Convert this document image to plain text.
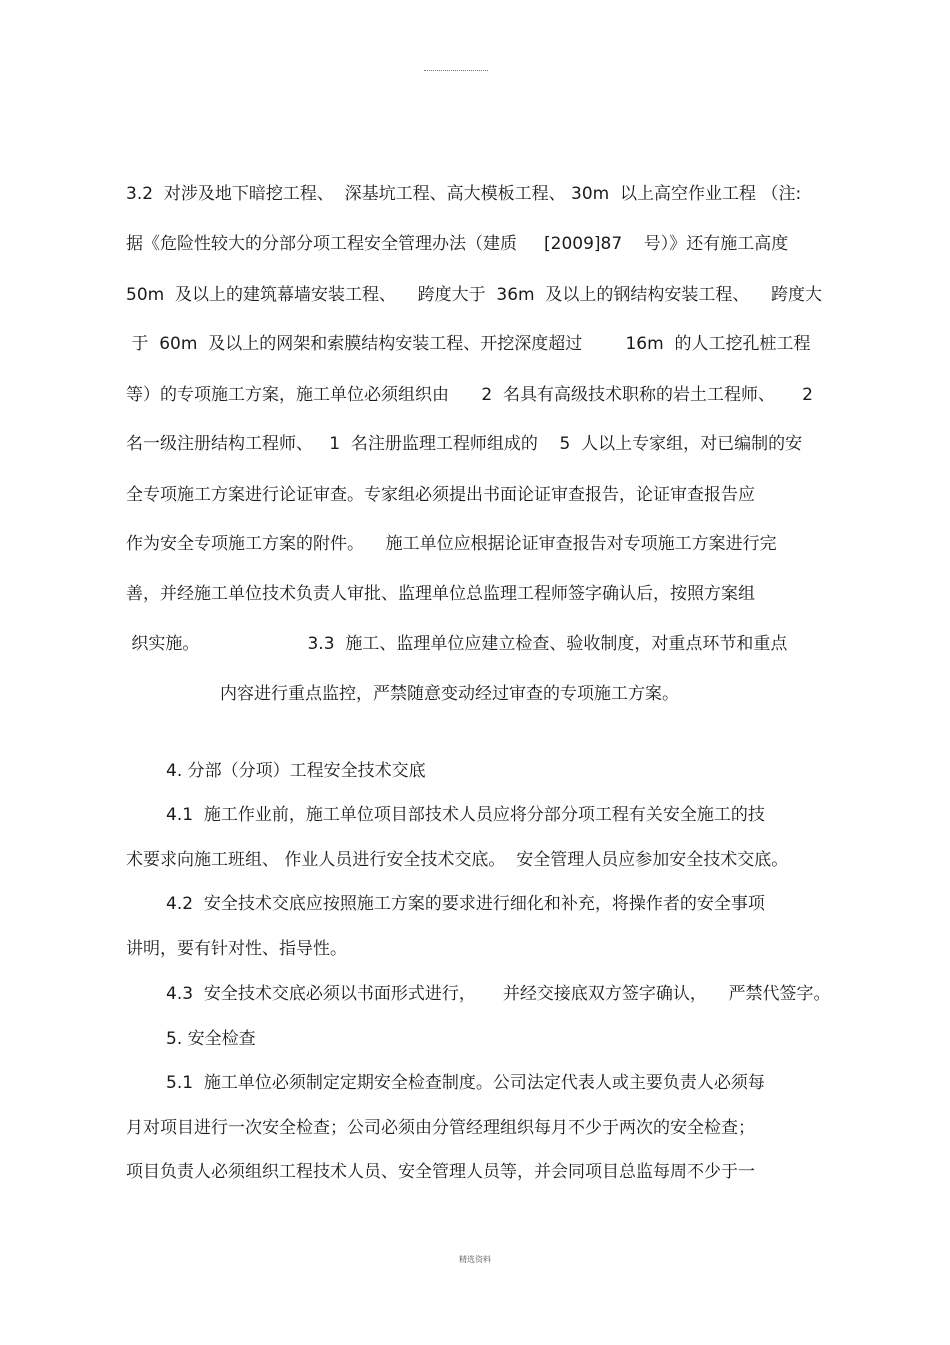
3.2  对涉及地下暗挖工程、  深基坑工程、高大模板工程、 30m  以上高空作业工程 （注:
据《危险性较大的分部分项工程安全管理办法（建质     [2009]87    号）》还有施工高度
50m  及以上的建筑幕墙安装工程、    跨度大于  36m  及以上的钢结构安装工程、    跨度大
于  60m  及以上的网架和索膜结构安装工程、开挖深度超过        16m  的人工挖孔桩工程
等）的专项施工方案，施工单位必须组织由      2  名具有高级技术职称的岩土工程师、     2
名一级注册结构工程师、   1  名注册监理工程师组成的    5  人以上专家组，对已编制的安
全专项施工方案进行论证审查。专家组必须提出书面论证审查报告，论证审查报告应
作为安全专项施工方案的附件。    施工单位应根据论证审查报告对专项施工方案进行完
善，并经施工单位技术负责人审批、监理单位总监理工程师签字确认后，按照方案组
织实施。                    3.3  施工、监理单位应建立检查、验收制度，对重点环节和重点
内容进行重点监控，严禁随意变动经过审查的专项施工方案。
4. 分部（分项）工程安全技术交底
4.1  施工作业前，施工单位项目部技术人员应将分部分项工程有关安全施工的技
术要求向施工班组、 作业人员进行安全技术交底。  安全管理人员应参加安全技术交底。
4.2  安全技术交底应按照施工方案的要求进行细化和补充，将操作者的安全事项
讲明，要有针对性、指导性。
4.3  安全技术交底必须以书面形式进行，     并经交接底双方签字确认，    严禁代签字。
5. 安全检查
5.1  施工单位必须制定定期安全检查制度。公司法定代表人或主要负责人必须每
月对项目进行一次安全检查；公司必须由分管经理组织每月不少于两次的安全检查；
项目负责人必须组织工程技术人员、安全管理人员等，并会同项目总监每周不少于一
精选资料
